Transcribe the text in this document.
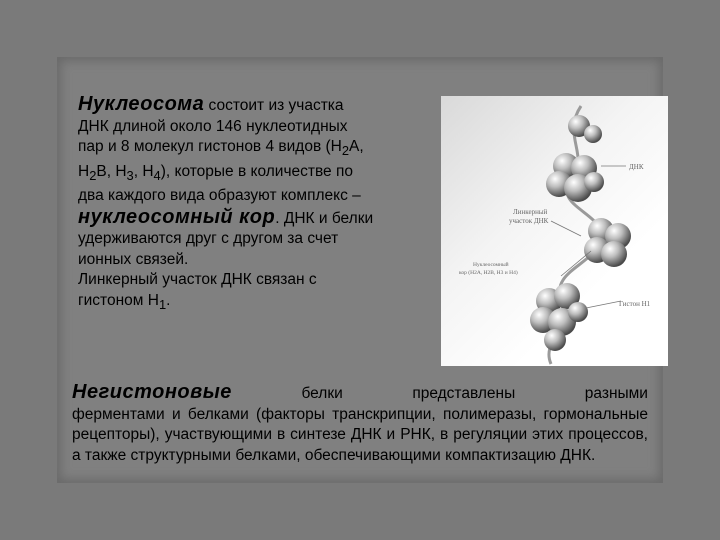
Нуклеосома состоит из участка
ДНК длиной около 146 нуклеотидных
пар и 8 молекул гистонов 4 видов ($Н_2А$,
$Н_2В$, $Н_3$, $Н_4$), которые в количестве по
два каждого вида образуют комплекс –
нуклеосомный кор. ДНК и белки
удерживаются друг с другом за счет
ионных связей.
Линкерный участок ДНК связан с
гистоном $Н_1$.
ДНК
Линкерный
участок ДНК
Нуклеосомный
кор (Н2А, Н2В, Н3 и Н4)
Гистон Н1
Негистоновые	белки	представлены	разными
ферментами и белками (факторы транскрипции, полимеразы, гормональные рецепторы), участвующими в синтезе ДНК и РНК, в регуляции этих процессов, а также структурными белками, обеспечивающими компактизацию ДНК.
